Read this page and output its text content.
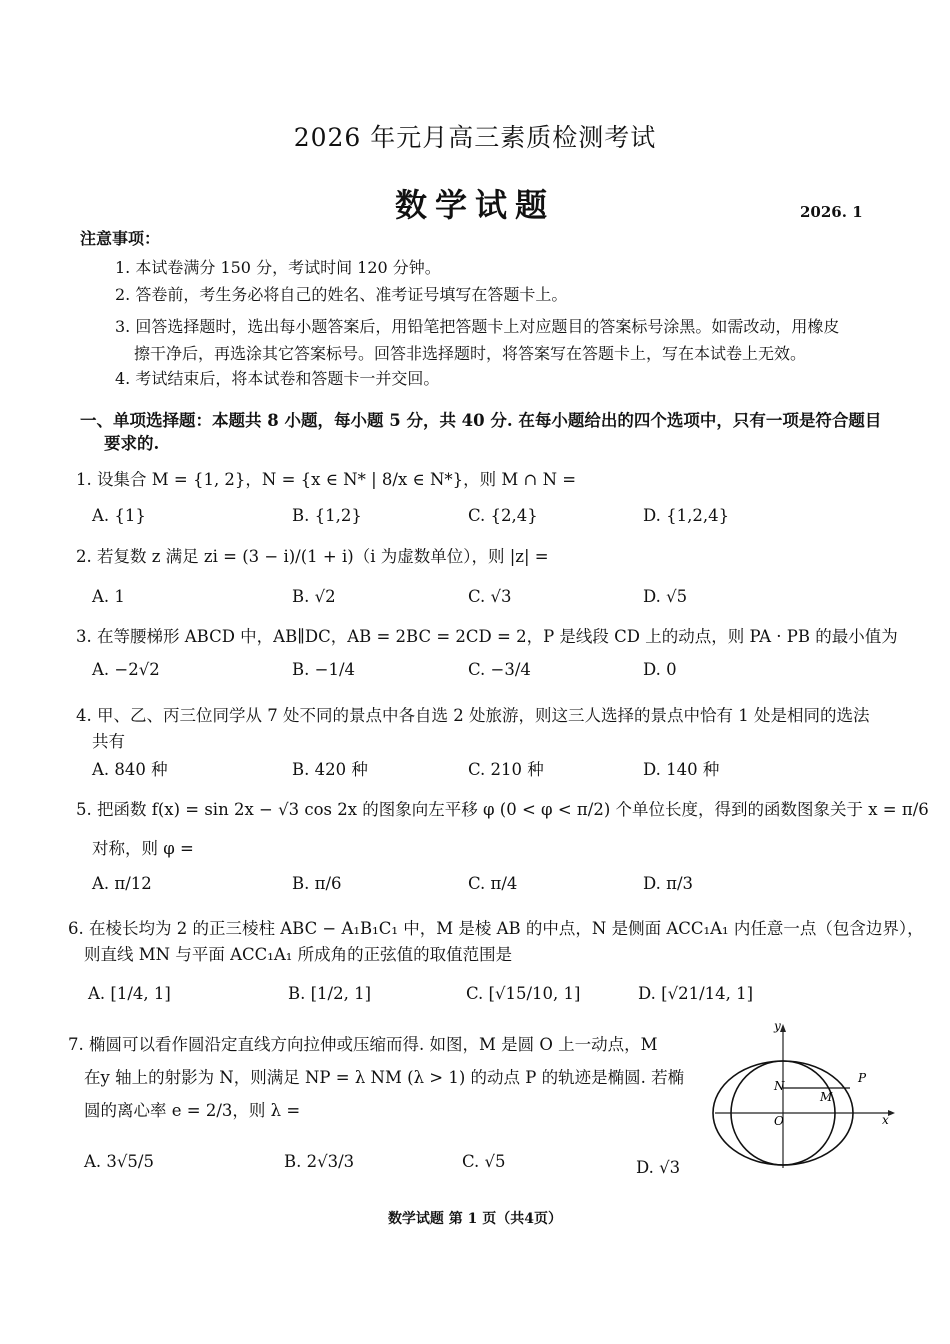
2026 年元月高三素质检测考试
数学试题	2026. 1
注意事项：
1. 本试卷满分 150 分，考试时间 120 分钟。
2. 答卷前，考生务必将自己的姓名、准考证号填写在答题卡上。
3. 回答选择题时，选出每小题答案后，用铅笔把答题卡上对应题目的答案标号涂黑。如需改动，用橡皮
擦干净后，再选涂其它答案标号。回答非选择题时，将答案写在答题卡上，写在本试卷上无效。
4. 考试结束后，将本试卷和答题卡一并交回。
一、单项选择题：本题共 8 小题，每小题 5 分，共 40 分. 在每小题给出的四个选项中，只有一项是符合题目
要求的.
1. 设集合 M = {1, 2}，N = {x ∈ N* | 8/x ∈ N*}，则 M ∩ N =
A. {1}	B. {1,2}	C. {2,4}	D. {1,2,4}
2. 若复数 z 满足 zi = (3 − i)/(1 + i)（i 为虚数单位），则 |z| =
A. 1	B. √2	C. √3	D. √5
3. 在等腰梯形 ABCD 中，AB∥DC，AB = 2BC = 2CD = 2，P 是线段 CD 上的动点，则 PA · PB 的最小值为
A. −2√2	B. −1/4	C. −3/4	D. 0
4. 甲、乙、丙三位同学从 7 处不同的景点中各自选 2 处旅游，则这三人选择的景点中恰有 1 处是相同的选法
共有
A. 840 种	B. 420 种	C. 210 种	D. 140 种
5. 把函数 f(x) = sin 2x − √3 cos 2x 的图象向左平移 φ (0 < φ < π/2) 个单位长度，得到的函数图象关于 x = π/6
对称，则 φ =
A. π/12	B. π/6	C. π/4	D. π/3
6. 在棱长均为 2 的正三棱柱 ABC − A₁B₁C₁ 中，M 是棱 AB 的中点，N 是侧面 ACC₁A₁ 内任意一点（包含边界），
则直线 MN 与平面 ACC₁A₁ 所成角的正弦值的取值范围是
A. [1/4, 1]	B. [1/2, 1]	C. [√15/10, 1]	D. [√21/14, 1]
7. 椭圆可以看作圆沿定直线方向拉伸或压缩而得. 如图，M 是圆 O 上一动点，M
在y 轴上的射影为 N，则满足 NP = λ NM (λ > 1) 的动点 P 的轨迹是椭圆. 若椭
圆的离心率 e = 2/3，则 λ =
A. 3√5/5	B. 2√3/3	C. √5	D. √3
y
x
N
M
P
O
数学试题 第 1 页（共4页）
